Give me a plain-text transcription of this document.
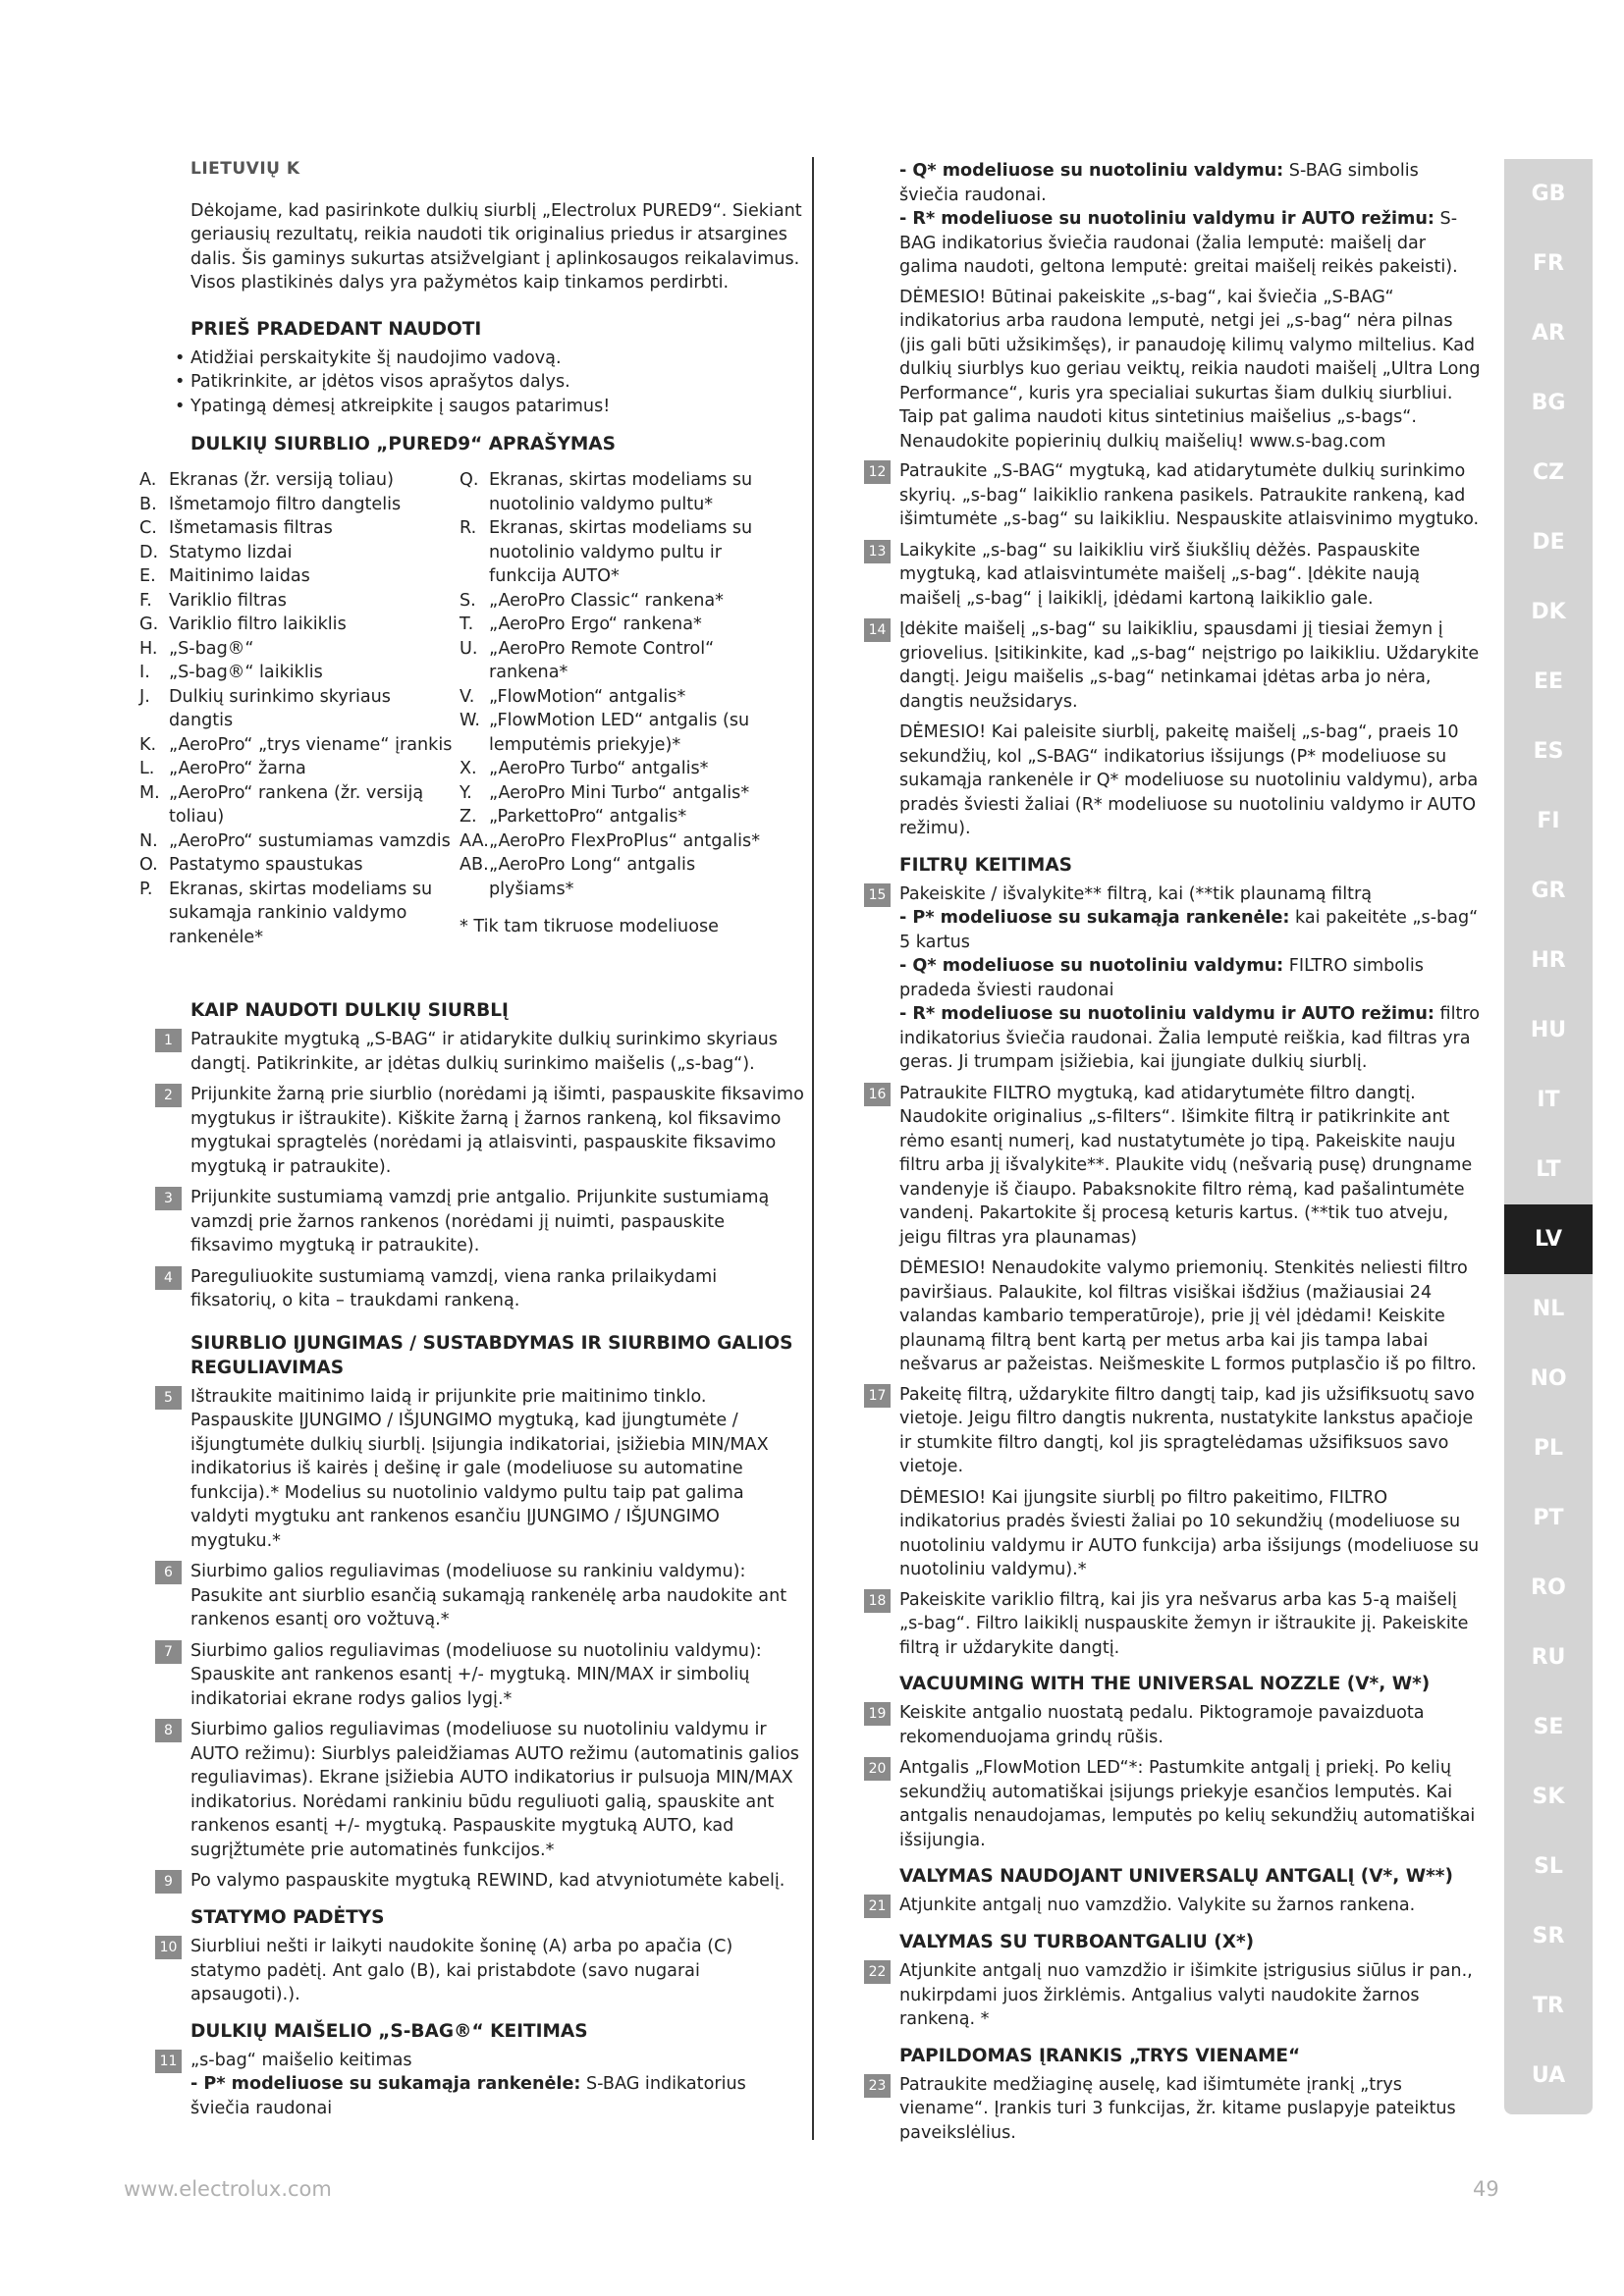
LIETUVIŲ K

Dėkojame, kad pasirinkote dulkių siurblį „Electrolux PURED9“. Siekiant geriausių rezultatų, reikia naudoti tik originalius priedus ir atsargines dalis. Šis gaminys sukurtas atsižvelgiant į aplinkosaugos reikalavimus. Visos plastikinės dalys yra pažymėtos kaip tinkamos perdirbti.

PRIEŠ PRADEDANT NAUDOTI
• Atidžiai perskaitykite šį naudojimo vadovą.
• Patikrinkite, ar įdėtos visos aprašytos dalys.
• Ypatingą dėmesį atkreipkite į saugos patarimus!
DULKIŲ SIURBLIO „PURED9“ APRAŠYMAS
A. Ekranas (žr. versiją toliau)
B. Išmetamojo filtro dangtelis
C. Išmetamasis filtras
D. Statymo lizdai
E. Maitinimo laidas
F. Variklio filtras
G. Variklio filtro laikiklis
H. „S-bag®“
I.	„S-bag®“ laikiklis
J.	Dulkių surinkimo skyriaus dangtis
K. „AeroPro“ „trys viename“ įrankis
L. „AeroPro“ žarna
M. „AeroPro“ rankena (žr. versiją toliau)
N. „AeroPro“ sustumiamas vamzdis
O. Pastatymo spaustukas
P. Ekranas, skirtas modeliams su sukamąja rankinio valdymo rankenėle*
Q. Ekranas, skirtas modeliams su nuotolinio valdymo pultu*
R. Ekranas, skirtas modeliams su nuotolinio valdymo pultu ir funkcija AUTO*
S. „AeroPro Classic“ rankena*
T. „AeroPro Ergo“ rankena*
U. „AeroPro Remote Control“ rankena*
V. „FlowMotion“ antgalis*
W. „FlowMotion LED“ antgalis (su lemputėmis priekyje)*
X. „AeroPro Turbo“ antgalis*
Y. „AeroPro Mini Turbo“ antgalis*
Z. „ParkettoPro“ antgalis*
AA. „AeroPro FlexProPlus“ antgalis*
AB. „AeroPro Long“ antgalis plyšiams*
* Tik tam tikruose modeliuose
KAIP NAUDOTI DULKIŲ SIURBLĮ
1	Patraukite mygtuką „S-BAG“ ir atidarykite dulkių surinkimo skyriaus dangtį. Patikrinkite, ar įdėtas dulkių surinkimo maišelis („s-bag“).
2	Prijunkite žarną prie siurblio (norėdami ją išimti, paspauskite fiksavimo mygtukus ir ištraukite). Kiškite žarną į žarnos rankeną, kol fiksavimo mygtukai spragtelės (norėdami ją atlaisvinti, paspauskite fiksavimo mygtuką ir patraukite).
3	Prijunkite sustumiamą vamzdį prie antgalio. Prijunkite sustumiamą vamzdį prie žarnos rankenos (norėdami jį nuimti, paspauskite fiksavimo mygtuką ir patraukite).
4	Pareguliuokite sustumiamą vamzdį, viena ranka prilaikydami fiksatorių, o kita – traukdami rankeną.
SIURBLIO ĮJUNGIMAS / SUSTABDYMAS IR SIURBIMO GALIOS REGULIAVIMAS
5	Ištraukite maitinimo laidą ir prijunkite prie maitinimo tinklo. Paspauskite ĮJUNGIMO / IŠJUNGIMO mygtuką, kad įjungtumėte / išjungtumėte dulkių siurblį. Įsijungia indikatoriai, įsižiebia MIN/MAX indikatorius iš kairės į dešinę ir gale (modeliuose su automatine funkcija).* Modelius su nuotolinio valdymo pultu taip pat galima valdyti mygtuku ant rankenos esančiu ĮJUNGIMO / IŠJUNGIMO mygtuku.*
6	Siurbimo galios reguliavimas (modeliuose su rankiniu valdymu): Pasukite ant siurblio esančią sukamąją rankenėlę arba naudokite ant rankenos esantį oro vožtuvą.*
7	Siurbimo galios reguliavimas (modeliuose su nuotoliniu valdymu): Spauskite ant rankenos esantį +/- mygtuką. MIN/MAX ir simbolių indikatoriai ekrane rodys galios lygį.*
8	Siurbimo galios reguliavimas (modeliuose su nuotoliniu valdymu ir AUTO režimu): Siurblys paleidžiamas AUTO režimu (automatinis galios reguliavimas). Ekrane įsižiebia AUTO indikatorius ir pulsuoja MIN/MAX indikatorius. Norėdami rankiniu būdu reguliuoti galią, spauskite ant rankenos esantį +/- mygtuką. Paspauskite mygtuką AUTO, kad sugrįžtumėte prie automatinės funkcijos.*
9	Po valymo paspauskite mygtuką REWIND, kad atvyniotumėte kabelį.
STATYMO PADĖTYS
10 Siurbliui nešti ir laikyti naudokite šoninę (A) arba po apačia (C) statymo padėtį. Ant galo (B), kai pristabdote (savo nugarai apsaugoti).).
DULKIŲ MAIŠELIO „S-BAG®“ KEITIMAS
11 „s-bag“ maišelio keitimas

- P* modeliuose su sukamąja rankenėle: S-BAG indikatorius šviečia raudonai

- Q* modeliuose su nuotoliniu valdymu: S-BAG simbolis šviečia raudonai.

- R* modeliuose su nuotoliniu valdymu ir AUTO režimu: S-BAG indikatorius šviečia raudonai (žalia lemputė: maišelį dar galima naudoti, geltona lemputė: greitai maišelį reikės pakeisti).

DĖMESIO! Būtinai pakeiskite „s-bag“, kai šviečia „S-BAG“ indikatorius arba raudona lemputė, netgi jei „s-bag“ nėra pilnas (jis gali būti užsikimšęs), ir panaudoję kilimų valymo miltelius. Kad dulkių siurblys kuo geriau veiktų, reikia naudoti maišelį „Ultra Long Performance“, kuris yra specialiai sukurtas šiam dulkių siurbliui. Taip pat galima naudoti kitus sintetinius maišelius „s-bags“. Nenaudokite popierinių dulkių maišelių! www.s-bag.com

12 Patraukite „S-BAG“ mygtuką, kad atidarytumėte dulkių surinkimo skyrių. „s-bag“ laikiklio rankena pasikels. Patraukite rankeną, kad išimtumėte „s-bag“ su laikikliu. Nespauskite atlaisvinimo mygtuko.
13 Laikykite „s-bag“ su laikikliu virš šiukšlių dėžės. Paspauskite mygtuką, kad atlaisvintumėte maišelį „s-bag“. Įdėkite naują maišelį „s-bag“ į laikiklį, įdėdami kartoną laikiklio gale.
14 Įdėkite maišelį „s-bag“ su laikikliu, spausdami jį tiesiai žemyn į griovelius. Įsitikinkite, kad „s-bag“ neįstrigo po laikikliu. Uždarykite dangtį. Jeigu maišelis „s-bag“ netinkamai įdėtas arba jo nėra, dangtis neužsidarys.

DĖMESIO! Kai paleisite siurblį, pakeitę maišelį „s-bag“, praeis 10 sekundžių, kol „S-BAG“ indikatorius išsijungs (P* modeliuose su sukamąja rankenėle ir Q* modeliuose su nuotoliniu valdymu), arba pradės šviesti žaliai (R* modeliuose su nuotoliniu valdymo ir AUTO režimu).

FILTRŲ KEITIMAS
15 Pakeiskite / išvalykite** filtrą, kai (**tik plaunamą filtrą

- P* modeliuose su sukamąja rankenėle: kai pakeitėte „s-bag“ 5 kartus

- Q* modeliuose su nuotoliniu valdymu: FILTRO simbolis pradeda šviesti raudonai

- R* modeliuose su nuotoliniu valdymu ir AUTO režimu: filtro indikatorius šviečia raudonai. Žalia lemputė reiškia, kad filtras yra geras. Ji trumpam įsižiebia, kai įjungiate dulkių siurblį.

16 Patraukite FILTRO mygtuką, kad atidarytumėte filtro dangtį. Naudokite originalius „s-filters“. Išimkite filtrą ir patikrinkite ant rėmo esantį numerį, kad nustatytumėte jo tipą. Pakeiskite nauju filtru arba jį išvalykite**. Plaukite vidų (nešvarią pusę) drungname vandenyje iš čiaupo. Pabaksnokite filtro rėmą, kad pašalintumėte vandenį. Pakartokite šį procesą keturis kartus. (**tik tuo atveju, jeigu filtras yra plaunamas)

DĖMESIO! Nenaudokite valymo priemonių. Stenkitės neliesti filtro paviršiaus. Palaukite, kol filtras visiškai išdžius (mažiausiai 24 valandas kambario temperatūroje), prie jį vėl įdėdami! Keiskite plaunamą filtrą bent kartą per metus arba kai jis tampa labai nešvarus ar pažeistas. Neišmeskite L formos putplasčio iš po filtro.

17 Pakeitę filtrą, uždarykite filtro dangtį taip, kad jis užsifiksuotų savo vietoje. Jeigu filtro dangtis nukrenta, nustatykite lankstus apačioje ir stumkite filtro dangtį, kol jis spragtelėdamas užsifiksuos savo vietoje.

DĖMESIO! Kai įjungsite siurblį po filtro pakeitimo, FILTRO indikatorius pradės šviesti žaliai po 10 sekundžių (modeliuose su nuotoliniu valdymu ir AUTO funkcija) arba išsijungs (modeliuose su nuotoliniu valdymu).*

18 Pakeiskite variklio filtrą, kai jis yra nešvarus arba kas 5-ą maišelį „s-bag“. Filtro laikiklį nuspauskite žemyn ir ištraukite jį. Pakeiskite filtrą ir uždarykite dangtį.
VACUUMING WITH THE UNIVERSAL NOZZLE (V*, W*)
19 Keiskite antgalio nuostatą pedalu. Piktogramoje pavaizduota rekomenduojama grindų rūšis.
20 Antgalis „FlowMotion LED“*: Pastumkite antgalį į priekį. Po kelių sekundžių automatiškai įsijungs priekyje esančios lemputės. Kai antgalis nenaudojamas, lemputės po kelių sekundžių automatiškai išsijungia.
VALYMAS NAUDOJANT UNIVERSALŲ ANTGALĮ (V*, W**)
21 Atjunkite antgalį nuo vamzdžio. Valykite su žarnos rankena.
VALYMAS SU TURBOANTGALIU (X*)
22 Atjunkite antgalį nuo vamzdžio ir išimkite įstrigusius siūlus ir pan., nukirpdami juos žirklėmis. Antgalius valyti naudokite žarnos rankeną. *
PAPILDOMAS ĮRANKIS „TRYS VIENAME“
23 Patraukite medžiaginę auselę, kad išimtumėte įrankį „trys viename“. Įrankis turi 3 funkcijas, žr. kitame puslapyje pateiktus paveikslėlius.
GB
FR
AR
BG
CZ
DE
DK
EE
ES
FI
GR
HR
HU
IT
LT
LV
NL
NO
PL
PT
RO
RU
SE
SK
SL
SR
TR
UA
www.electrolux.com	49
